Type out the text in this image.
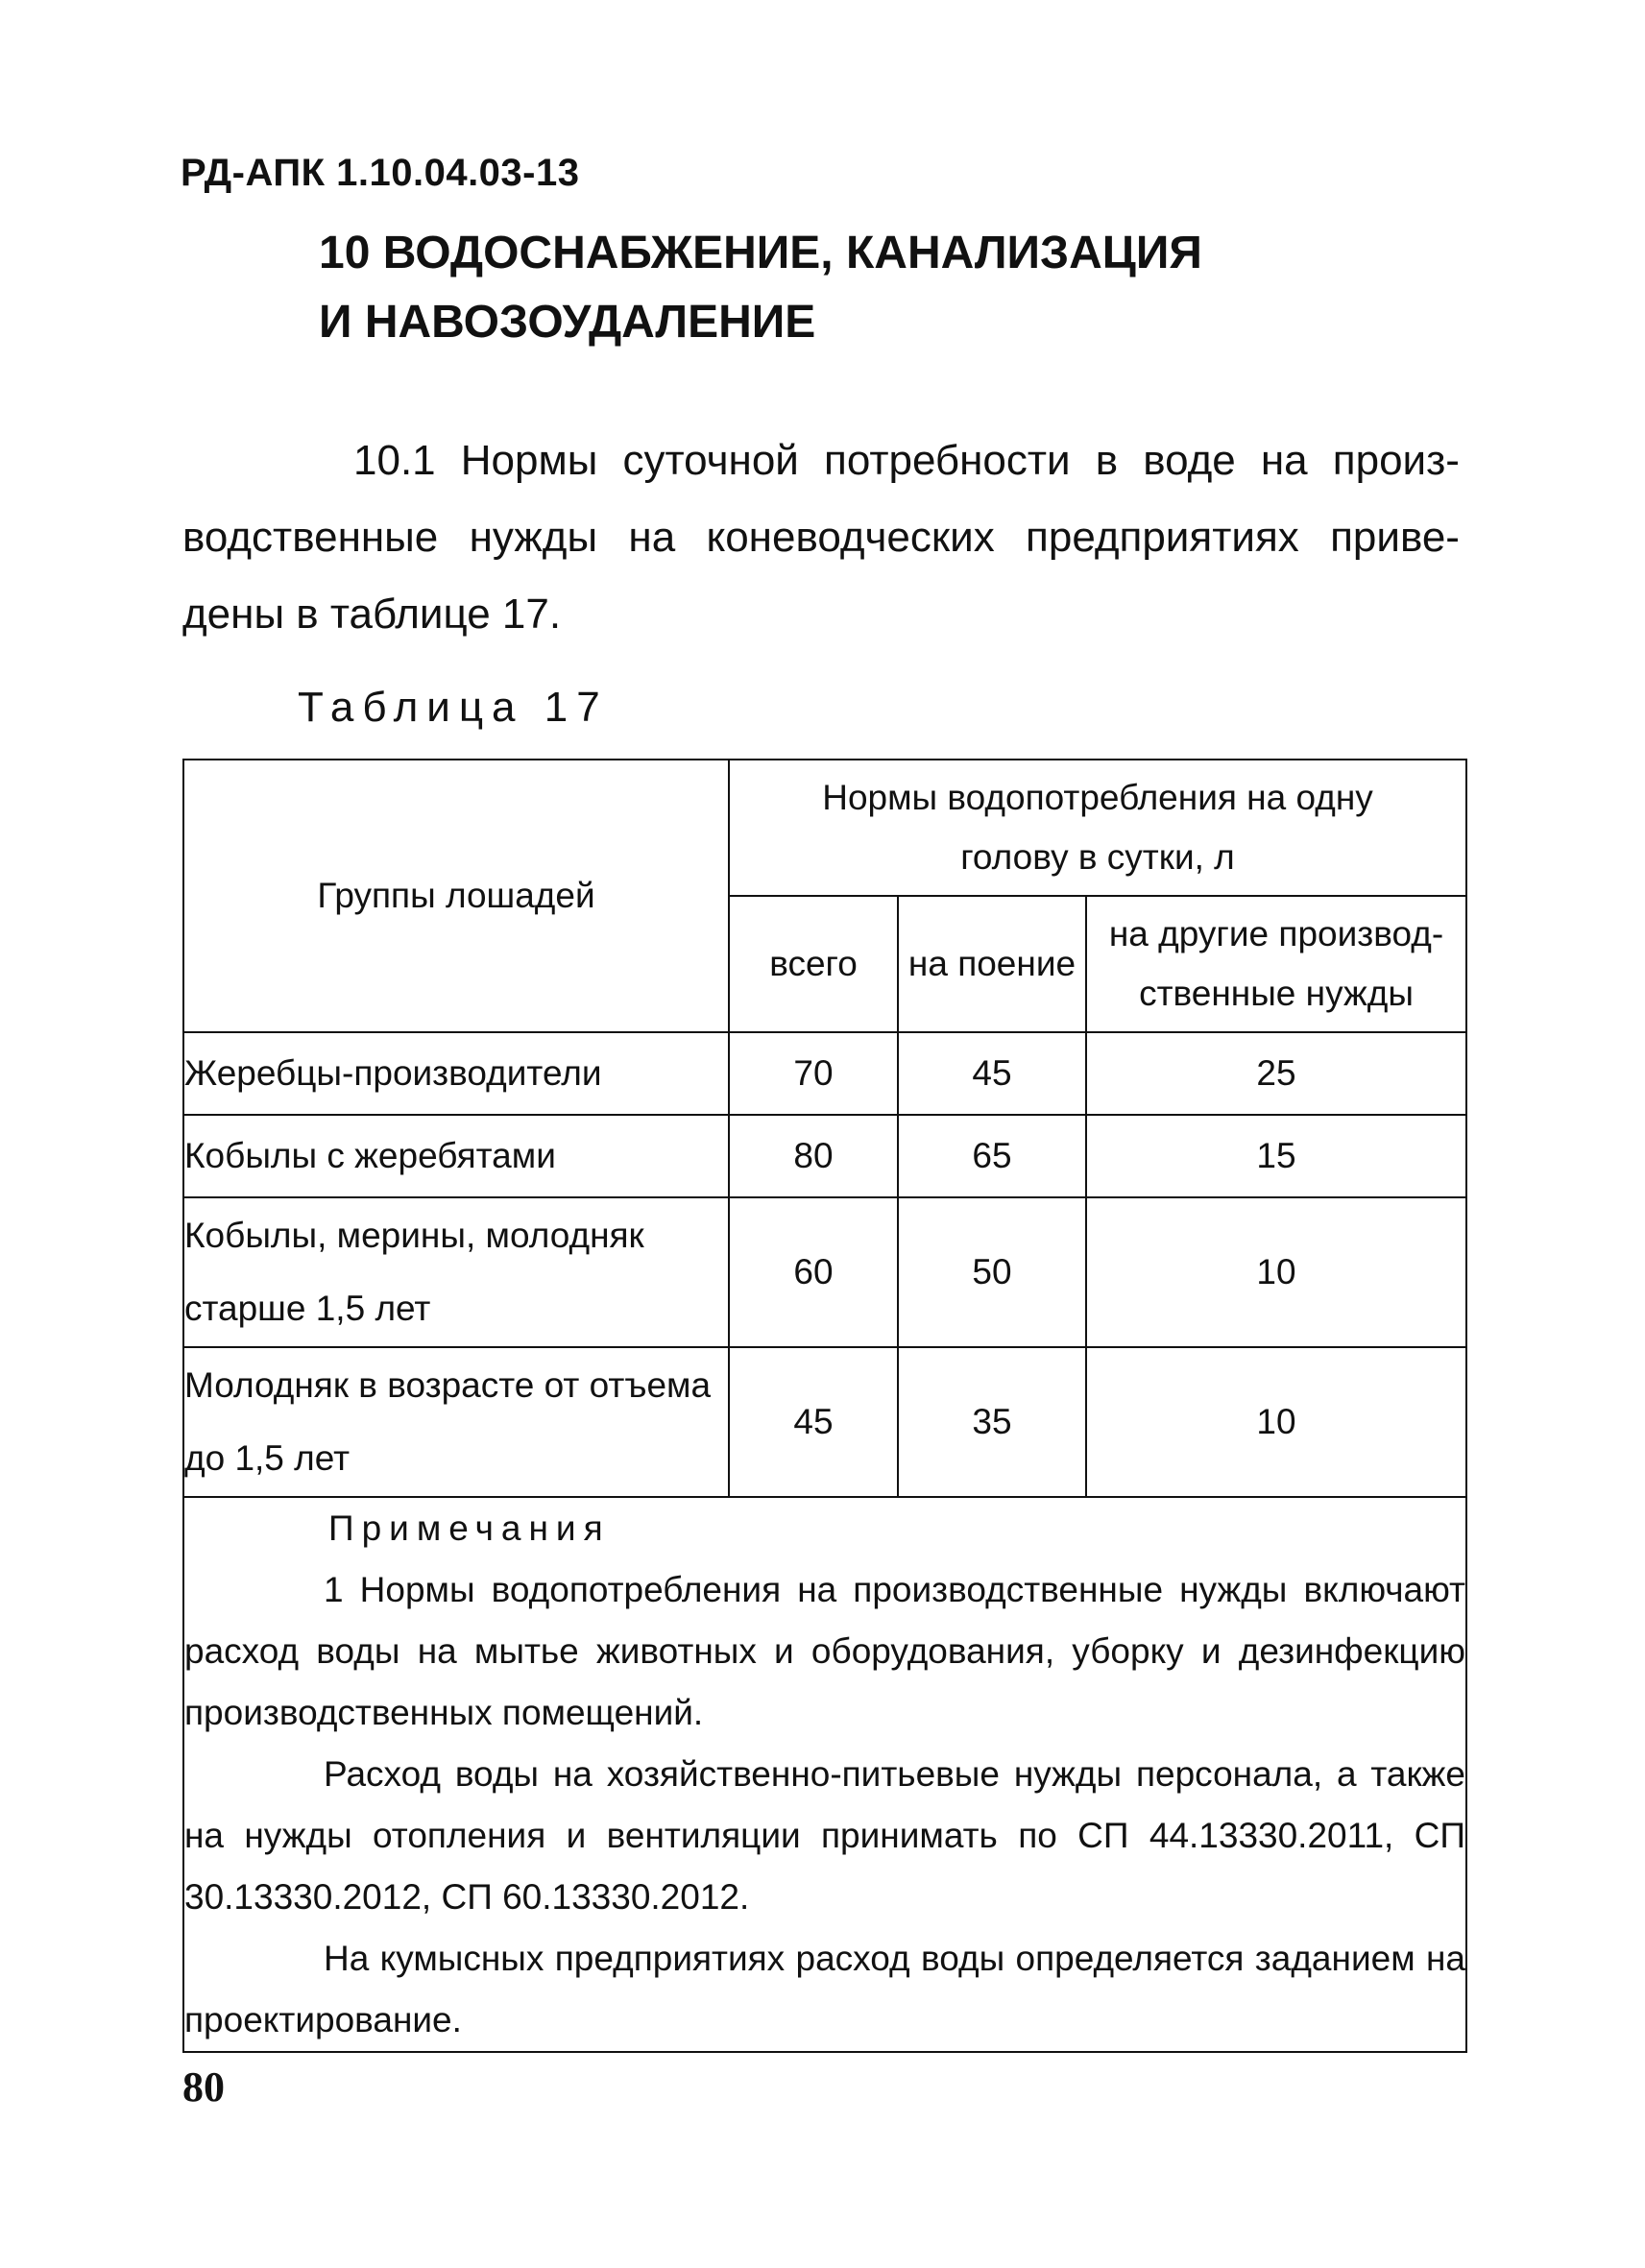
РД-АПК 1.10.04.03-13
10 ВОДОСНАБЖЕНИЕ, КАНАЛИЗАЦИЯ
И НАВОЗОУДАЛЕНИЕ
10.1 Нормы суточной потребности в воде на произ-
водственные нужды на коневодческих предприятиях приве-
дены в таблице 17.
Таблица 17
Группы лошадей	Нормы водопотребления на одну голову в сутки, л		
	всего	на поение	на другие производ-ственные нужды
Жеребцы-производители	70	45	25
Кобылы с жеребятами	80	65	15
Кобылы, мерины, молодняк старше 1,5 лет	60	50	10
Молодняк в возрасте от отъема до 1,5 лет	45	35	10

Примечания

1 Нормы водопотребления на производственные нужды включают расход воды на мытье животных и оборудования, уборку и дезинфекцию производственных помещений.

Расход воды на хозяйственно-питьевые нужды персонала, а также на нужды отопления и вентиляции принимать по СП 44.13330.2011, СП 30.13330.2012, СП 60.13330.2012.

На кумысных предприятиях расход воды определяется заданием на проектирование.			

80
